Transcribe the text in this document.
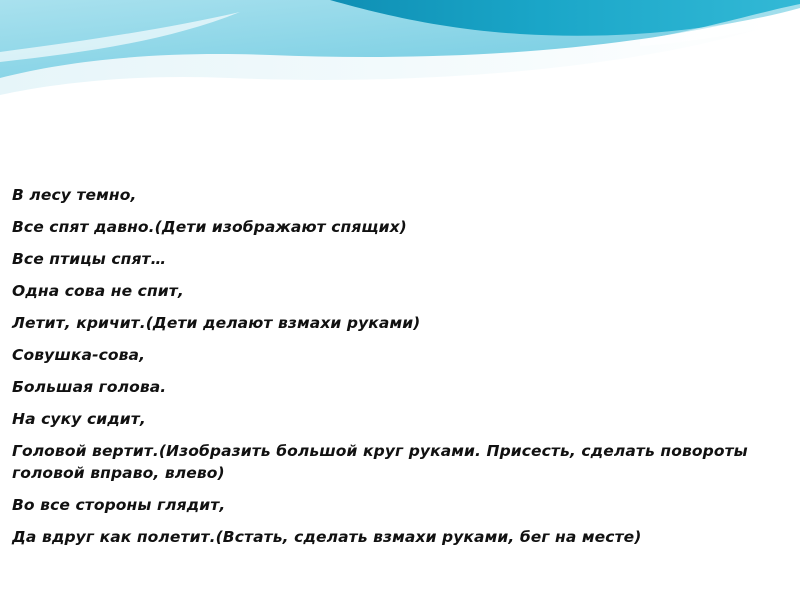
В лесу темно,
Все спят давно.(Дети изображают спящих)
Все птицы спят…
Одна сова не спит,
Летит, кричит.(Дети делают взмахи руками)
Совушка-сова,
Большая голова.
На суку сидит,
Головой вертит.(Изобразить большой круг руками. Присесть, сделать повороты головой вправо, влево)
Во все стороны глядит,
Да вдруг как полетит.(Встать, сделать взмахи руками, бег на месте)
